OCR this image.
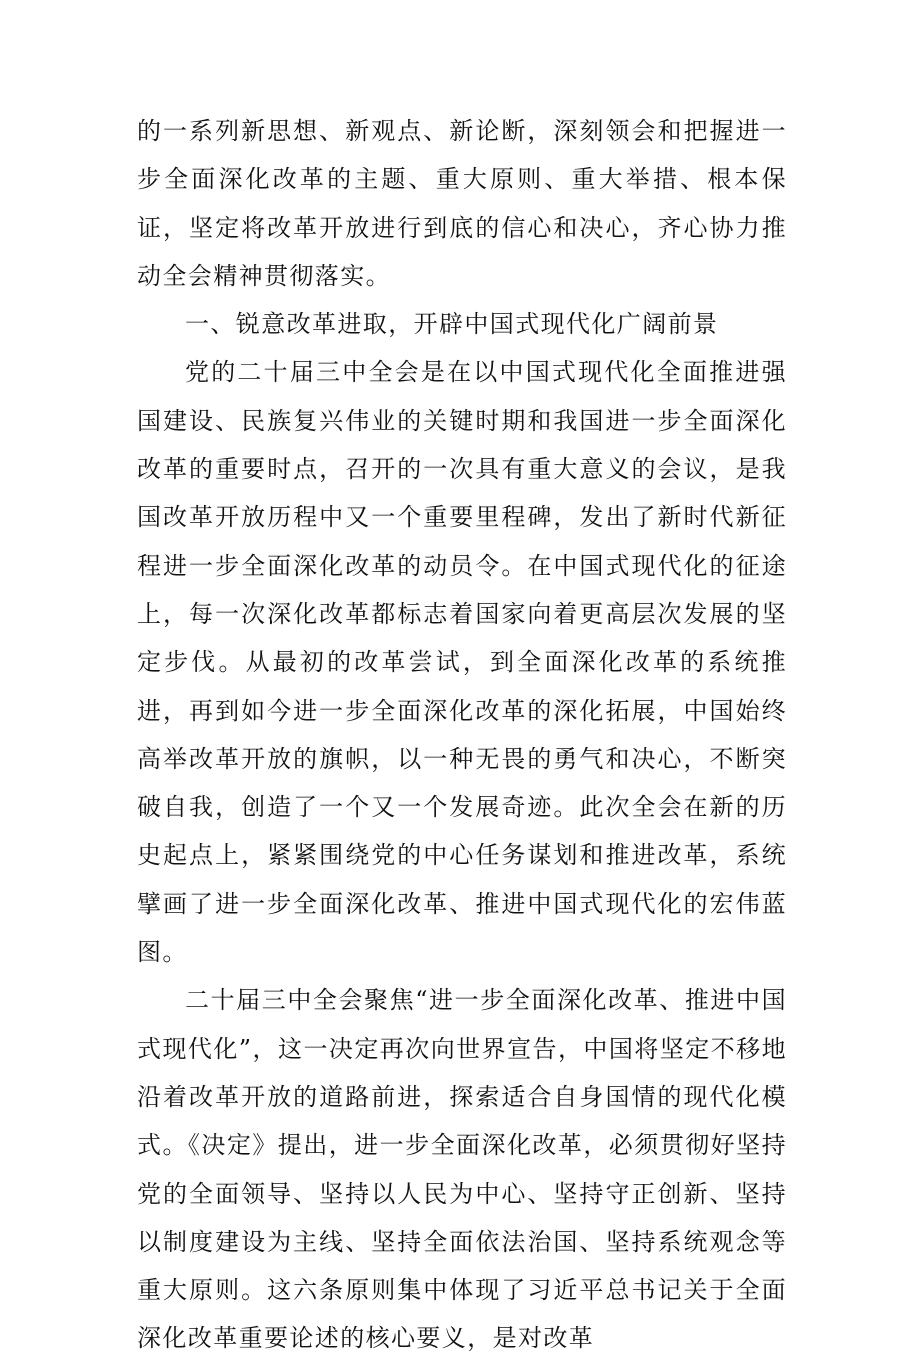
的一系列新思想、新观点、新论断，深刻领会和把握进一步全面深化改革的主题、重大原则、重大举措、根本保证，坚定将改革开放进行到底的信心和决心，齐心协力推动全会精神贯彻落实。

一、锐意改革进取，开辟中国式现代化广阔前景

党的二十届三中全会是在以中国式现代化全面推进强国建设、民族复兴伟业的关键时期和我国进一步全面深化改革的重要时点，召开的一次具有重大意义的会议，是我国改革开放历程中又一个重要里程碑，发出了新时代新征程进一步全面深化改革的动员令。在中国式现代化的征途上，每一次深化改革都标志着国家向着更高层次发展的坚定步伐。从最初的改革尝试，到全面深化改革的系统推进，再到如今进一步全面深化改革的深化拓展，中国始终高举改革开放的旗帜，以一种无畏的勇气和决心，不断突破自我，创造了一个又一个发展奇迹。此次全会在新的历史起点上，紧紧围绕党的中心任务谋划和推进改革，系统擘画了进一步全面深化改革、推进中国式现代化的宏伟蓝图。

二十届三中全会聚焦“进一步全面深化改革、推进中国式现代化”，这一决定再次向世界宣告，中国将坚定不移地沿着改革开放的道路前进，探索适合自身国情的现代化模式。《决定》提出，进一步全面深化改革，必须贯彻好坚持党的全面领导、坚持以人民为中心、坚持守正创新、坚持以制度建设为主线、坚持全面依法治国、坚持系统观念等重大原则。这六条原则集中体现了习近平总书记关于全面深化改革重要论述的核心要义，是对改革
